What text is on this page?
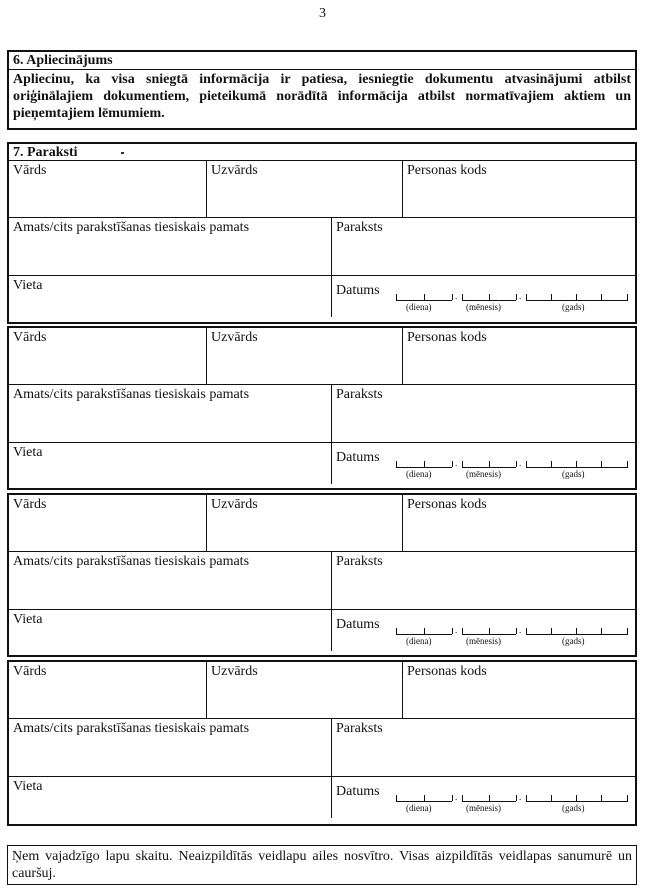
3
6. Apliecinājums
Apliecinu, ka visa sniegtā informācija ir patiesa, iesniegtie dokumentu atvasinājumi atbilst oriģinālajiem dokumentiem, pieteikumā norādītā informācija atbilst normatīvajiem aktiem un pieņemtajiem lēmumiem.
7. Paraksti
Vārds	Uzvārds	Personas kods
Amats/cits parakstīšanas tiesiskais pamats	Paraksts
Vieta	Datums	.	.
(diena)	(mēnesis)	(gads)
Vārds	Uzvārds	Personas kods
Amats/cits parakstīšanas tiesiskais pamats	Paraksts
Vieta	Datums	.	.
(diena)	(mēnesis)	(gads)
Vārds	Uzvārds	Personas kods
Amats/cits parakstīšanas tiesiskais pamats	Paraksts
Vieta	Datums	.	.
(diena)	(mēnesis)	(gads)
Vārds	Uzvārds	Personas kods
Amats/cits parakstīšanas tiesiskais pamats	Paraksts
Vieta	Datums	.	.
(diena)	(mēnesis)	(gads)
Ņem vajadzīgo lapu skaitu. Neaizpildītās veidlapu ailes nosvītro. Visas aizpildītās veidlapas sanumurē un cauršuj.
